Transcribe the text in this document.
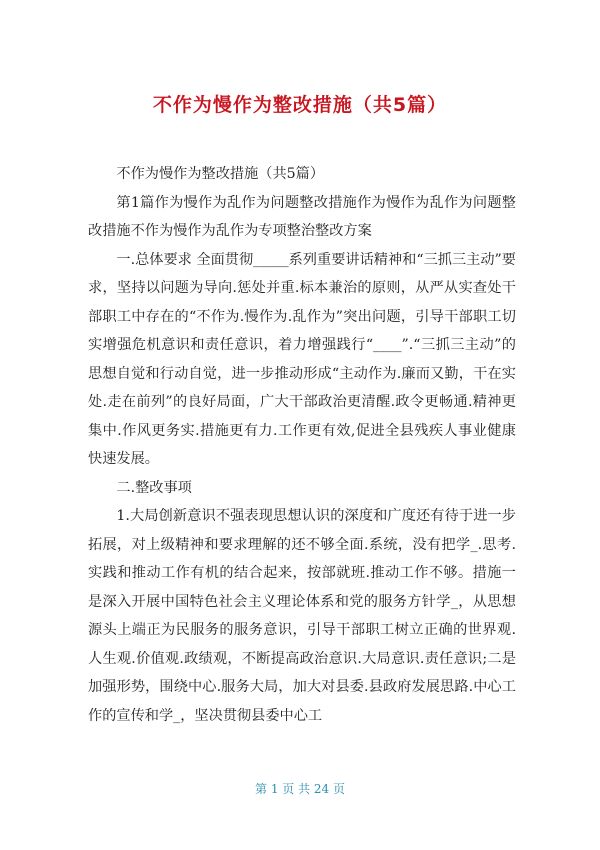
不作为慢作为整改措施（共5篇）

不作为慢作为整改措施（共5篇）

第1篇作为慢作为乱作为问题整改措施作为慢作为乱作为问题整改措施不作为慢作为乱作为专项整治整改方案

一.总体要求 全面贯彻_____系列重要讲话精神和“三抓三主动”要求，坚持以问题为导向.惩处并重.标本兼治的原则，从严从实查处干部职工中存在的“不作为.慢作为.乱作为”突出问题，引导干部职工切实增强危机意识和责任意识，着力增强践行“____”.“三抓三主动”的思想自觉和行动自觉，进一步推动形成“主动作为.廉而又勤，干在实处.走在前列”的良好局面，广大干部政治更清醒.政令更畅通.精神更集中.作风更务实.措施更有力.工作更有效,促进全县残疾人事业健康快速发展。

二.整改事项

1.大局创新意识不强表现思想认识的深度和广度还有待于进一步拓展，对上级精神和要求理解的还不够全面.系统，没有把学_.思考.实践和推动工作有机的结合起来，按部就班.推动工作不够。措施一是深入开展中国特色社会主义理论体系和党的服务方针学_，从思想源头上端正为民服务的服务意识，引导干部职工树立正确的世界观.人生观.价值观.政绩观，不断提高政治意识.大局意识.责任意识;二是加强形势，围绕中心.服务大局，加大对县委.县政府发展思路.中心工作的宣传和学_，坚决贯彻县委中心工

第 1 页 共 24 页
